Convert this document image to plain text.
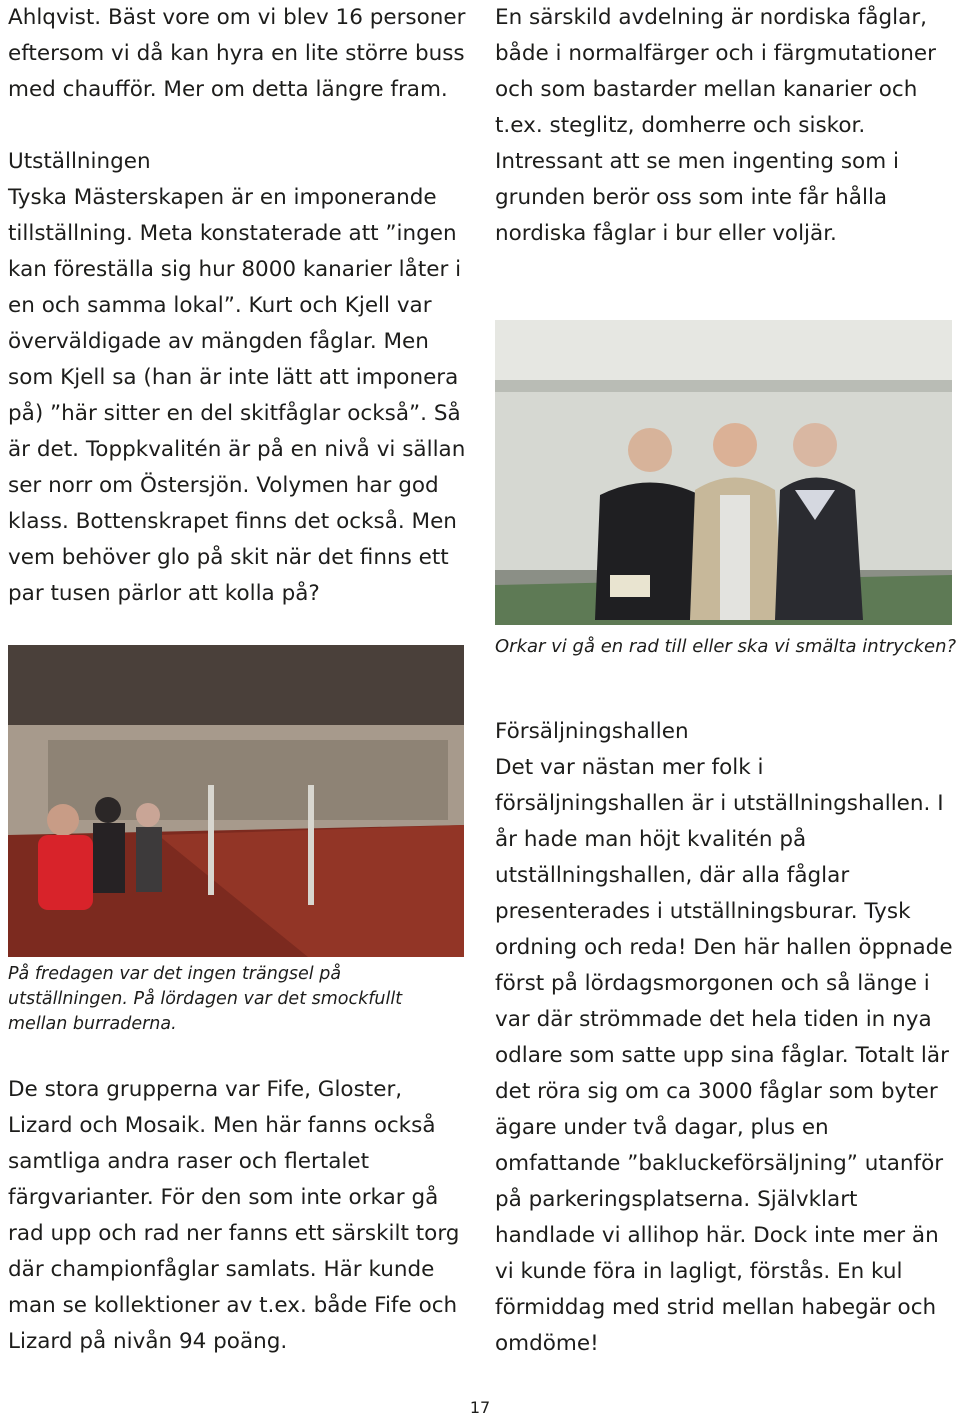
Ahlqvist. Bäst vore om vi blev 16 personer eftersom vi då kan hyra en lite större buss med chaufför. Mer om detta längre fram.

Utställningen

Tyska Mästerskapen är en imponerande tillställning. Meta konstaterade att ”ingen kan föreställa sig hur 8000 kanarier låter i en och samma lokal”. Kurt och Kjell var överväldigade av mängden fåglar. Men som Kjell sa (han är inte lätt att imponera på) ”här sitter en del skitfåglar också”. Så är det. Toppkvalitén är på en nivå vi sällan ser norr om Östersjön. Volymen har god klass. Bottenskrapet finns det också. Men vem behöver glo på skit när det finns ett par tusen pärlor att kolla på?

En särskild avdelning är nordiska fåglar, både i normalfärger och i färgmutationer och som bastarder mellan kanarier och t.ex. steglitz, domherre och siskor. Intressant att se men ingenting som i grunden berör oss som inte får hålla nordiska fåglar i bur eller voljär.

Orkar vi gå en rad till eller ska vi smälta intrycken?
På fredagen var det ingen trängsel på utställningen. På lördagen var det smockfullt mellan burraderna.

De stora grupperna var Fife, Gloster, Lizard och Mosaik. Men här fanns också samtliga andra raser och flertalet färgvarianter. För den som inte orkar gå rad upp och rad ner fanns ett särskilt torg där championfåglar samlats. Här kunde man se kollektioner av t.ex. både Fife och Lizard på nivån 94 poäng.

Försäljningshallen

Det var nästan mer folk i försäljningshallen är i utställningshallen. I år hade man höjt kvalitén på utställningshallen, där alla fåglar presenterades i utställningsburar. Tysk ordning och reda! Den här hallen öppnade först på lördagsmorgonen och så länge i var där strömmade det hela tiden in nya odlare som satte upp sina fåglar. Totalt lär det röra sig om ca 3000 fåglar som byter ägare under två dagar, plus en omfattande ”bakluckeförsäljning” utanför på parkeringsplatserna. Självklart handlade vi allihop här. Dock inte mer än vi kunde föra in lagligt, förstås. En kul förmiddag med strid mellan habegär och omdöme!

17
